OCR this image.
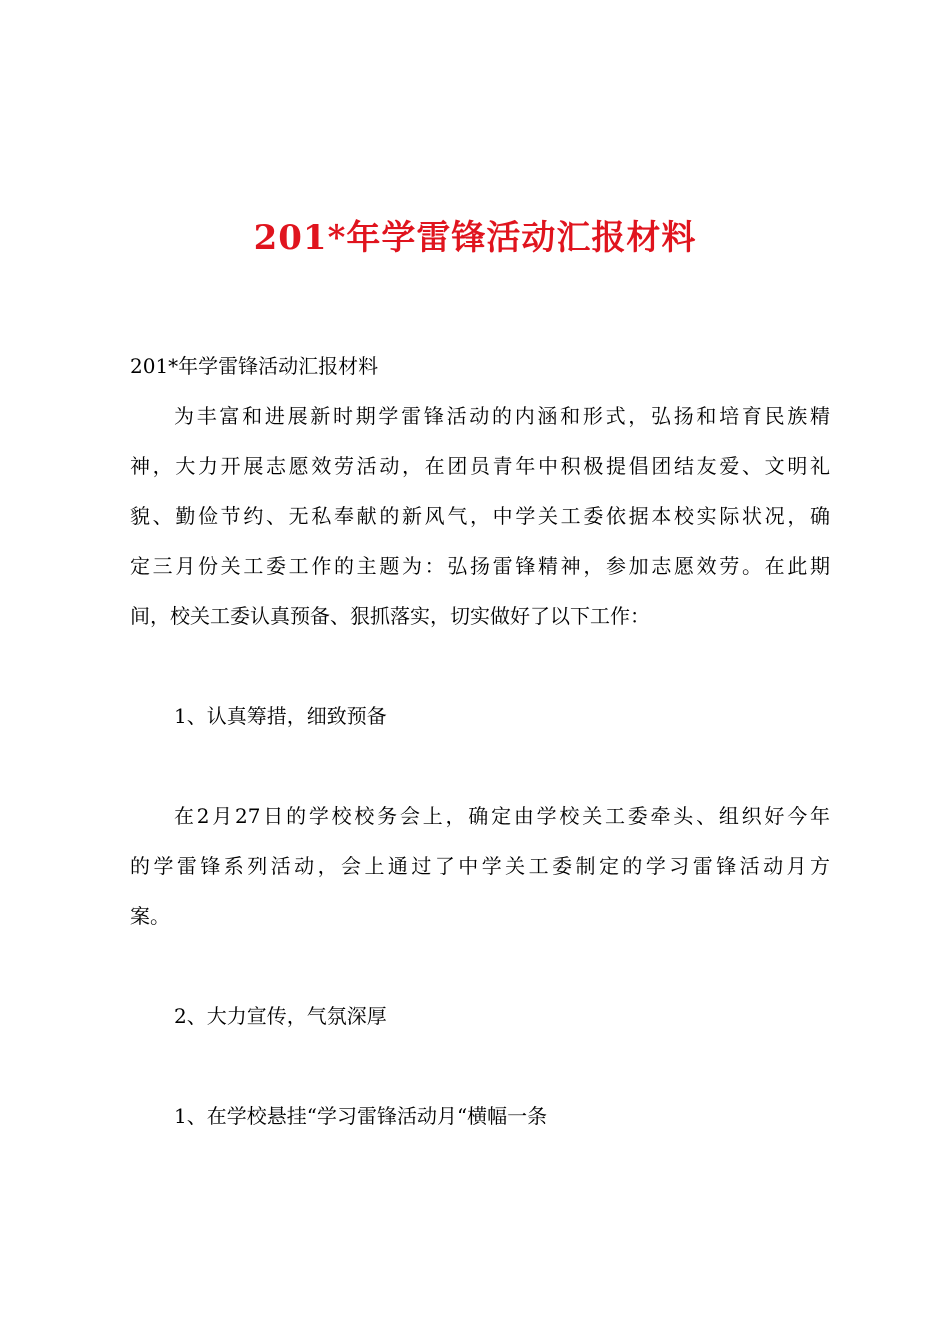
201*年学雷锋活动汇报材料
201*年学雷锋活动汇报材料
为丰富和进展新时期学雷锋活动的内涵和形式，弘扬和培育民族精
神，大力开展志愿效劳活动，在团员青年中积极提倡团结友爱、文明礼
貌、勤俭节约、无私奉献的新风气，中学关工委依据本校实际状况，确
定三月份关工委工作的主题为：弘扬雷锋精神，参加志愿效劳。在此期
间，校关工委认真预备、狠抓落实，切实做好了以下工作：
1、认真筹措，细致预备
在2月27日的学校校务会上，确定由学校关工委牵头、组织好今年
的学雷锋系列活动，会上通过了中学关工委制定的学习雷锋活动月方
案。
2、大力宣传，气氛深厚
1、在学校悬挂“学习雷锋活动月“横幅一条
